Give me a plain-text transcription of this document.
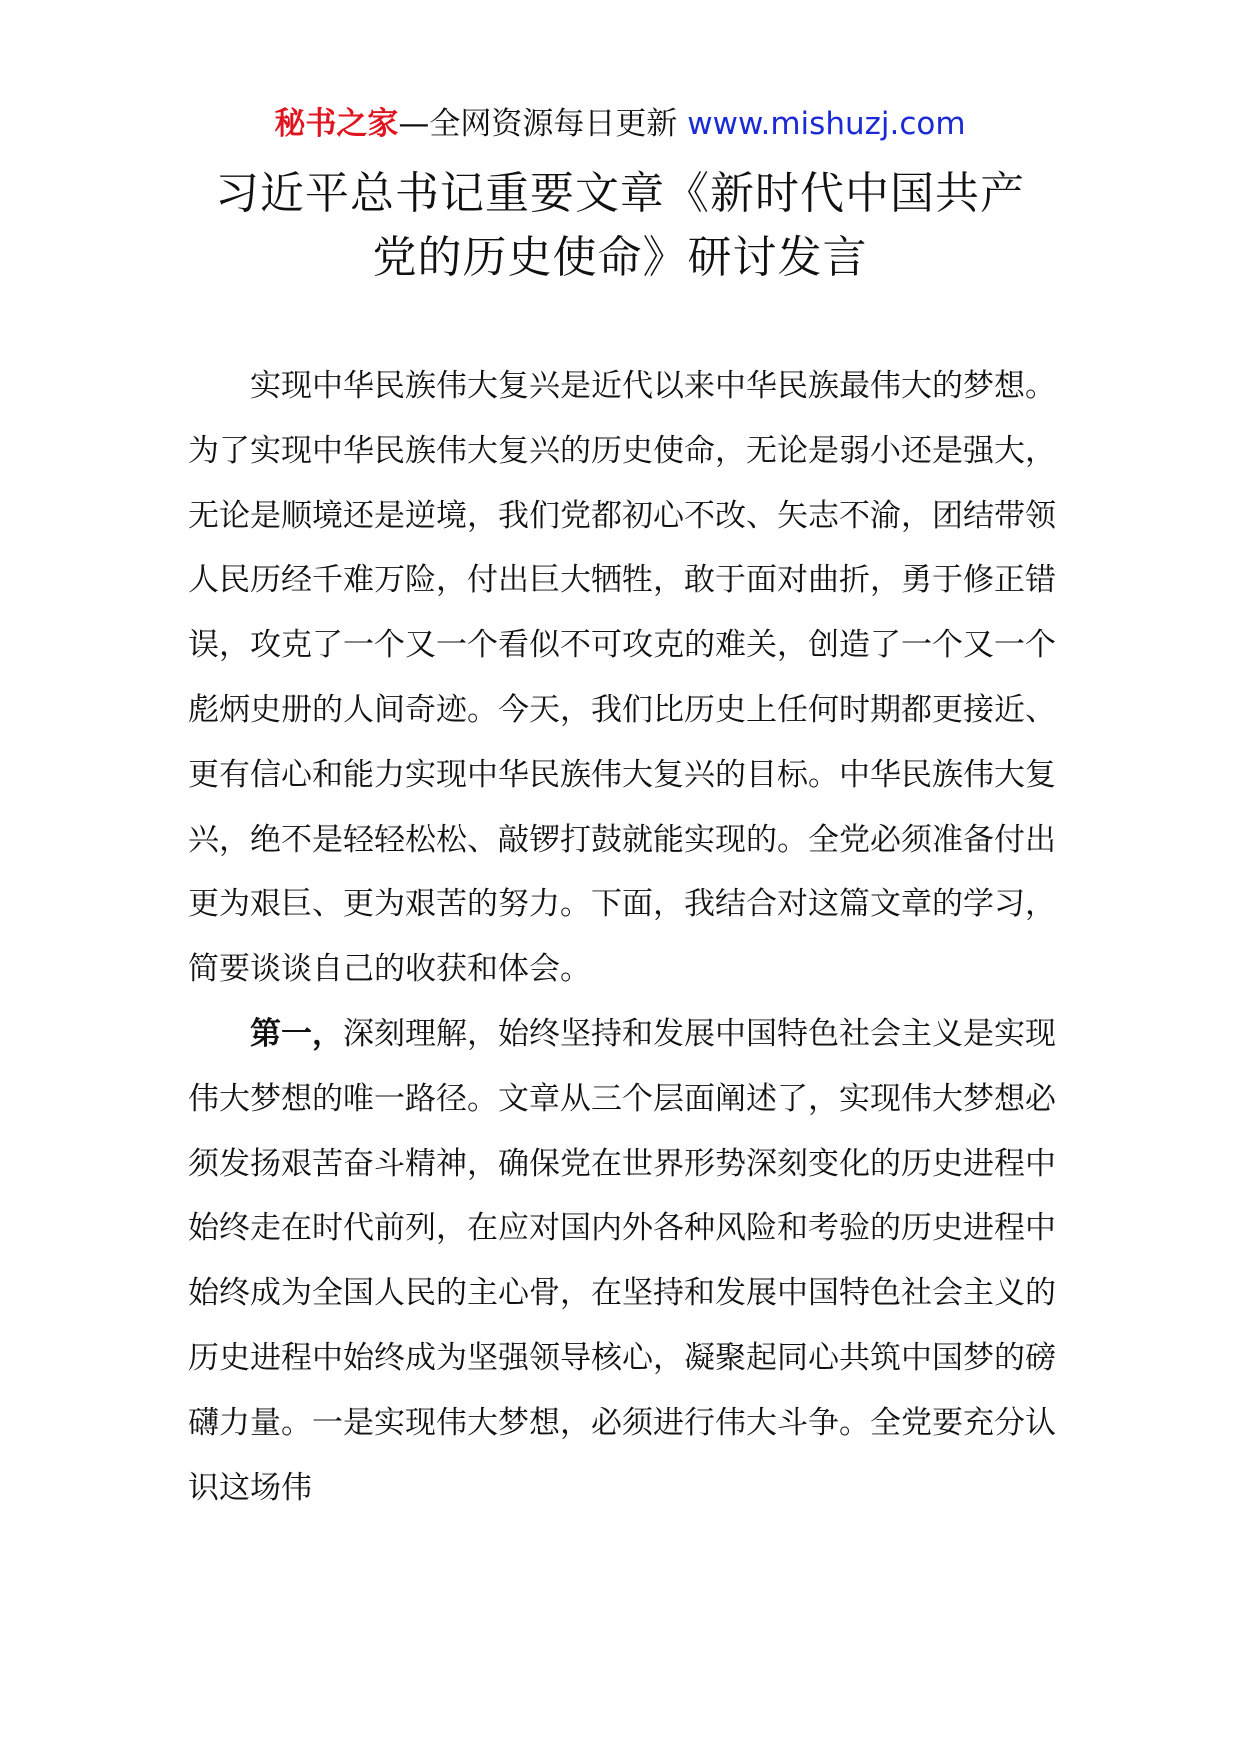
秘书之家—全网资源每日更新 www.mishuzj.com
习近平总书记重要文章《新时代中国共产
党的历史使命》研讨发言

实现中华民族伟大复兴是近代以来中华民族最伟大的梦想。为了实现中华民族伟大复兴的历史使命，无论是弱小还是强大，无论是顺境还是逆境，我们党都初心不改、矢志不渝，团结带领人民历经千难万险，付出巨大牺牲，敢于面对曲折，勇于修正错误，攻克了一个又一个看似不可攻克的难关，创造了一个又一个彪炳史册的人间奇迹。今天，我们比历史上任何时期都更接近、更有信心和能力实现中华民族伟大复兴的目标。中华民族伟大复兴，绝不是轻轻松松、敲锣打鼓就能实现的。全党必须准备付出更为艰巨、更为艰苦的努力。下面，我结合对这篇文章的学习，简要谈谈自己的收获和体会。

第一，深刻理解，始终坚持和发展中国特色社会主义是实现伟大梦想的唯一路径。文章从三个层面阐述了，实现伟大梦想必须发扬艰苦奋斗精神，确保党在世界形势深刻变化的历史进程中始终走在时代前列，在应对国内外各种风险和考验的历史进程中始终成为全国人民的主心骨，在坚持和发展中国特色社会主义的历史进程中始终成为坚强领导核心，凝聚起同心共筑中国梦的磅礴力量。一是实现伟大梦想，必须进行伟大斗争。全党要充分认识这场伟
